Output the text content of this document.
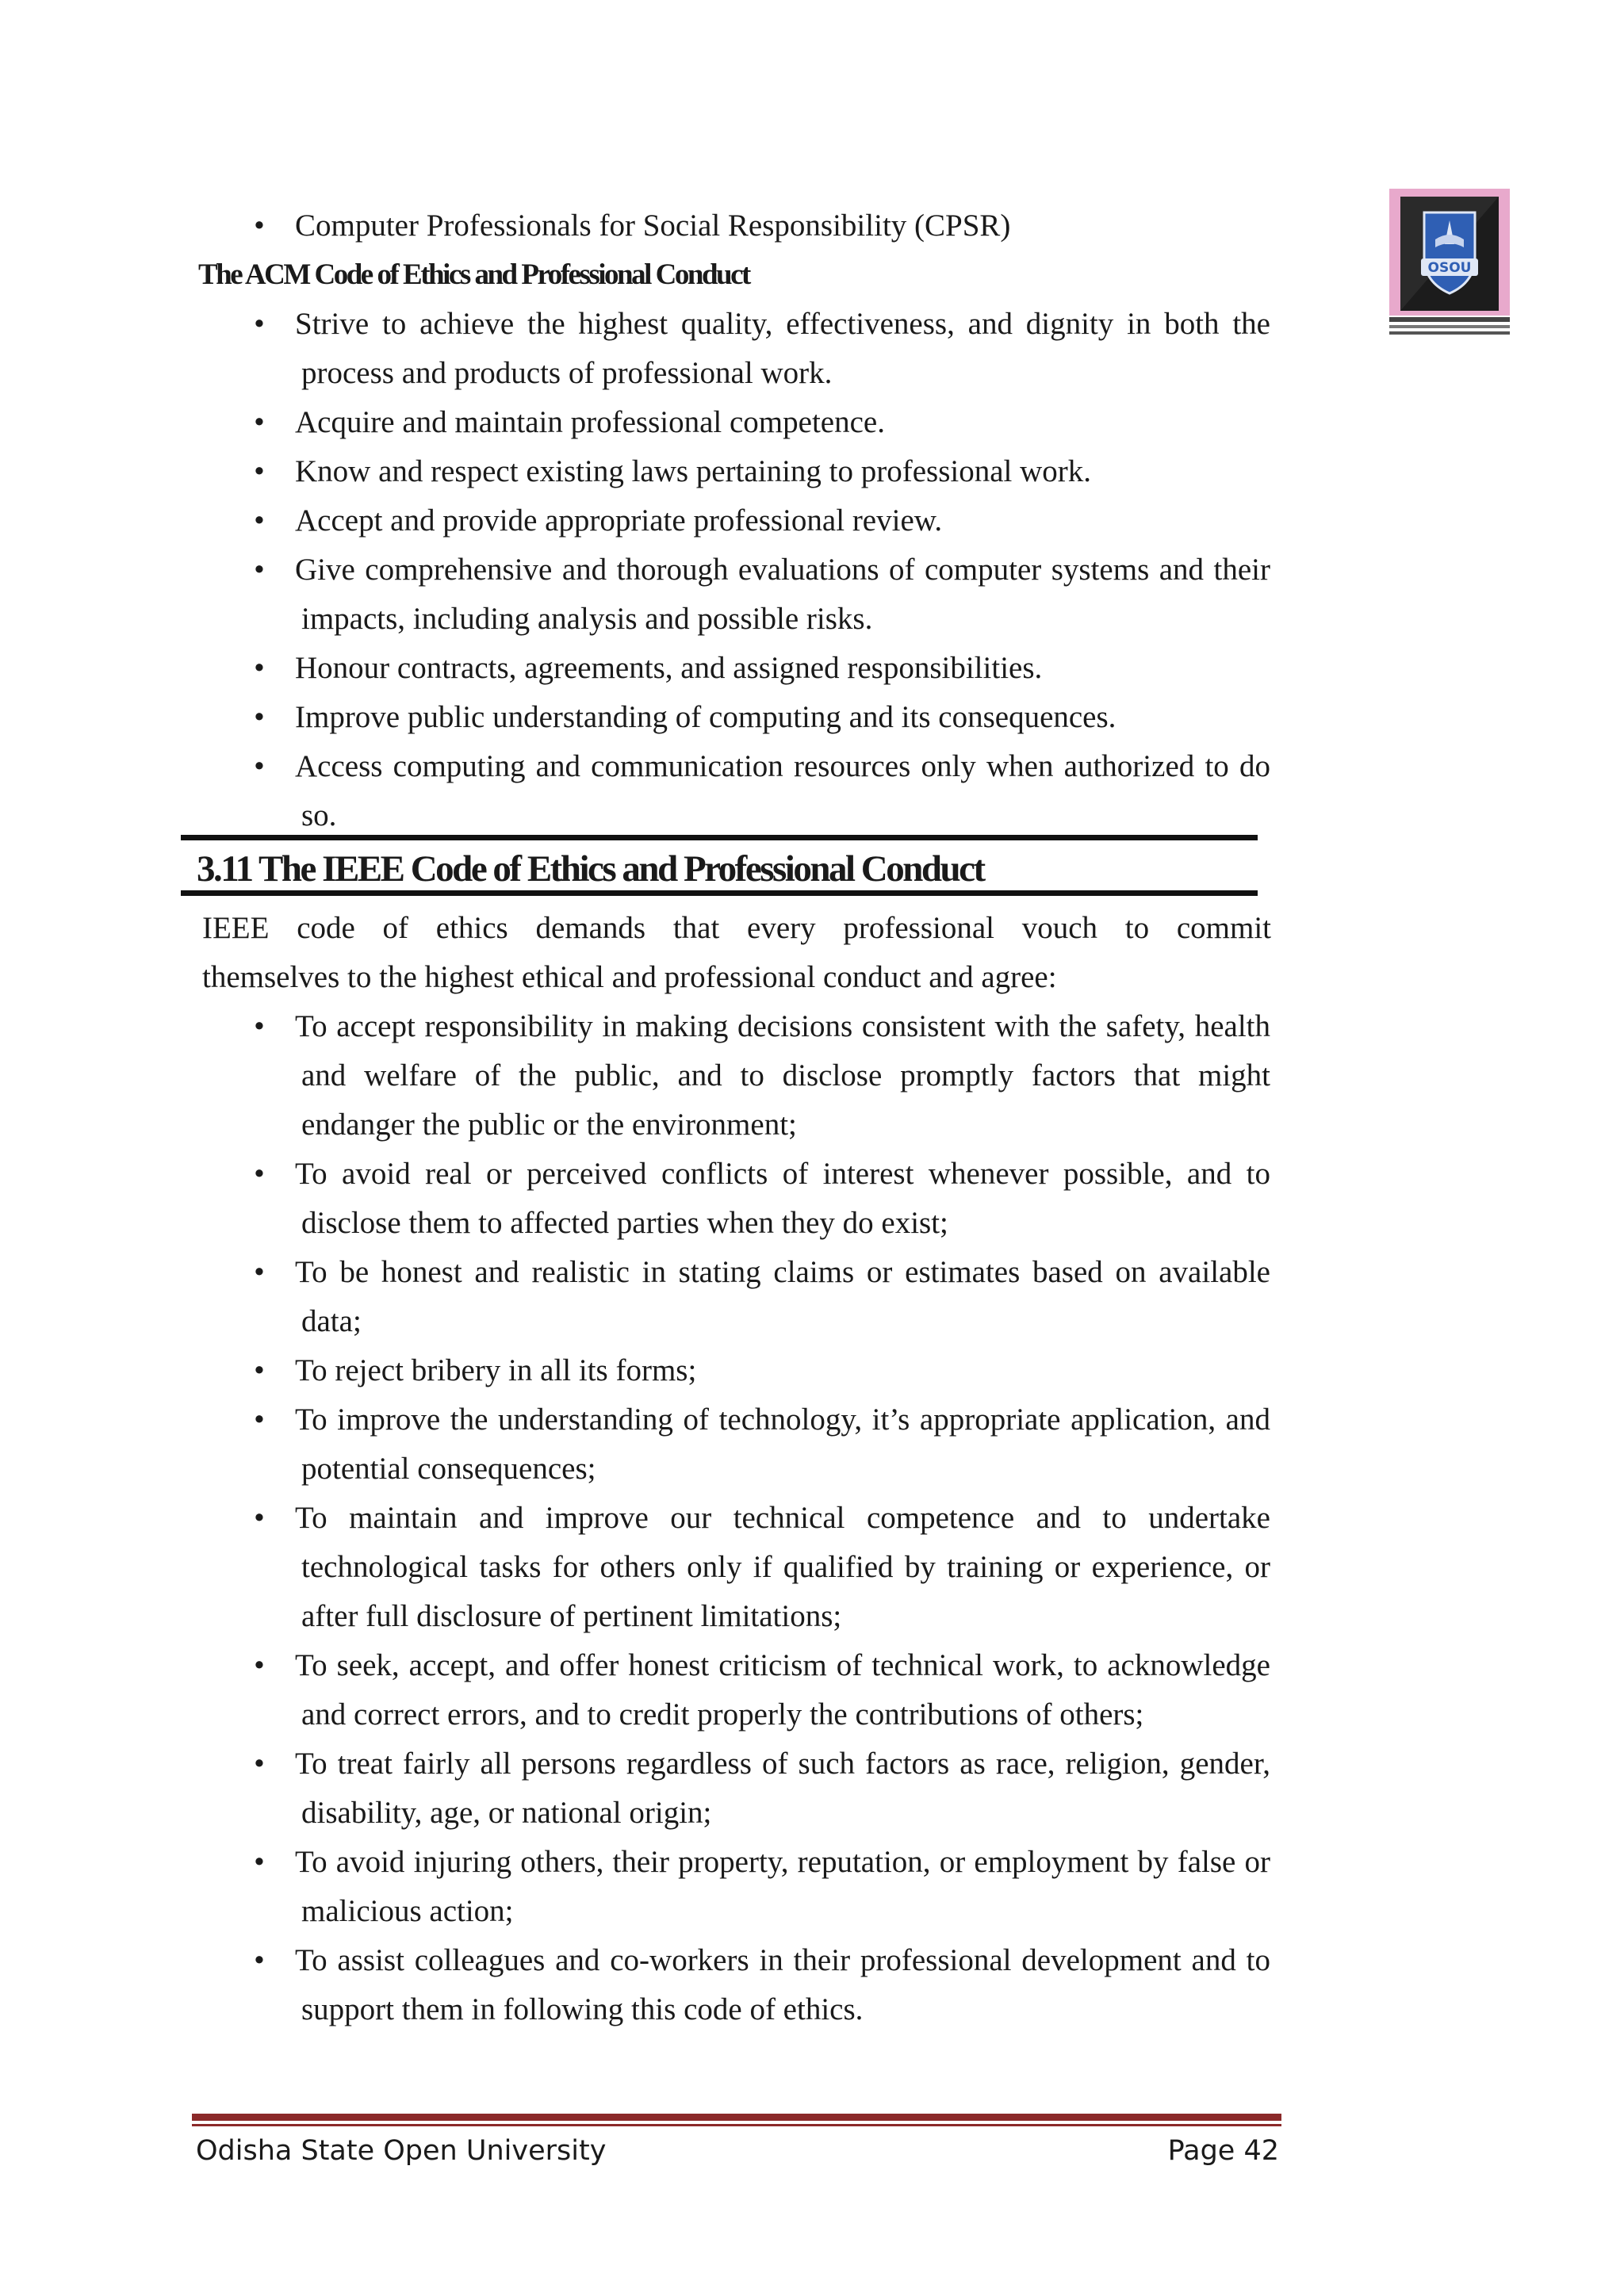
OSOU
• Computer Professionals for Social Responsibility (CPSR)
The ACM Code of Ethics and Professional Conduct
• Strive to achieve the highest quality, effectiveness, and dignity in both the process and products of professional work.
• Acquire and maintain professional competence.
• Know and respect existing laws pertaining to professional work.
• Accept and provide appropriate professional review.
• Give comprehensive and thorough evaluations of computer systems and their impacts, including analysis and possible risks.
• Honour contracts, agreements, and assigned responsibilities.
• Improve public understanding of computing and its consequences.
• Access computing and communication resources only when authorized to do so.
3.11 The IEEE Code of Ethics and Professional Conduct

IEEE code of ethics demands that every professional vouch to commit
themselves to the highest ethical and professional conduct and agree:

• To accept responsibility in making decisions consistent with the safety, health and welfare of the public, and to disclose promptly factors that might endanger the public or the environment;
• To avoid real or perceived conflicts of interest whenever possible, and to disclose them to affected parties when they do exist;
• To be honest and realistic in stating claims or estimates based on available data;
• To reject bribery in all its forms;
• To improve the understanding of technology, it’s appropriate application, and potential consequences;
• To maintain and improve our technical competence and to undertake technological tasks for others only if qualified by training or experience, or after full disclosure of pertinent limitations;
• To seek, accept, and offer honest criticism of technical work, to acknowledge and correct errors, and to credit properly the contributions of others;
• To treat fairly all persons regardless of such factors as race, religion, gender, disability, age, or national origin;
• To avoid injuring others, their property, reputation, or employment by false or malicious action;
• To assist colleagues and co-workers in their professional development and to support them in following this code of ethics.
Odisha State Open University	Page 42
